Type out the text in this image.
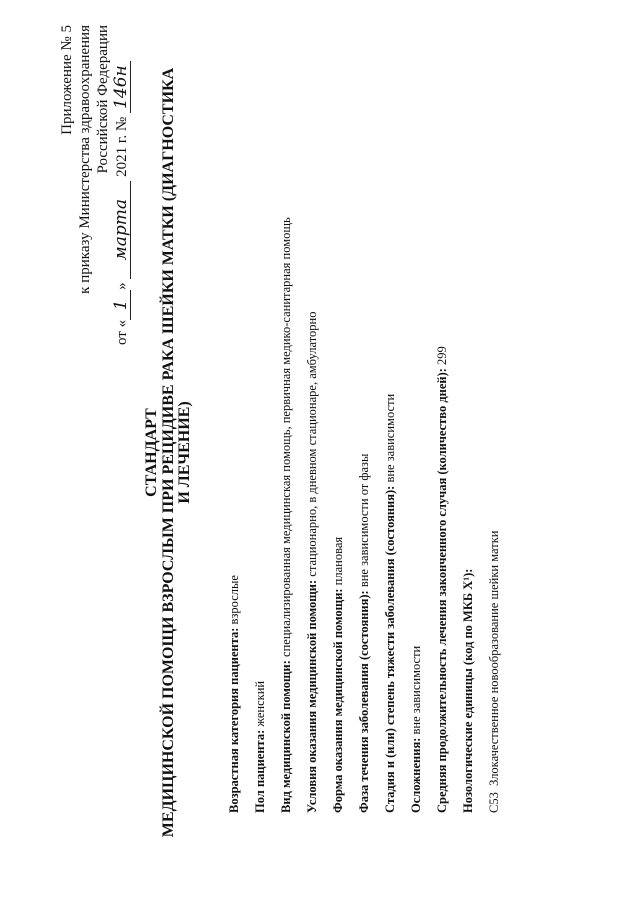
Приложение № 5 к приказу Министерства здравоохранения Российской Федерации
от «1» марта 2021 г. № 146н
СТАНДАРТ МЕДИЦИНСКОЙ ПОМОЩИ ВЗРОСЛЫМ ПРИ РЕЦИДИВЕ РАКА ШЕЙКИ МАТКИ (ДИАГНОСТИКА И ЛЕЧЕНИЕ)
Возрастная категория пациента: взрослые
Пол пациента: женский Вид медицинской помощи: специализированная медицинская помощь, первичная медико-санитарная помощь
Условия оказания медицинской помощи: стационарно, в дневном стационаре, амбулаторно
Форма оказания медицинской помощи: плановая
Фаза течения заболевания (состояния): вне зависимости от фазы Стадия и (или) степень тяжести заболевания (состояния): вне зависимости
Осложнения: вне зависимости Средняя продолжительность лечения законченного случая (количество дней): 299
Нозологические единицы (код по МКБ X¹): C53  Злокачественное новообразование шейки матки
